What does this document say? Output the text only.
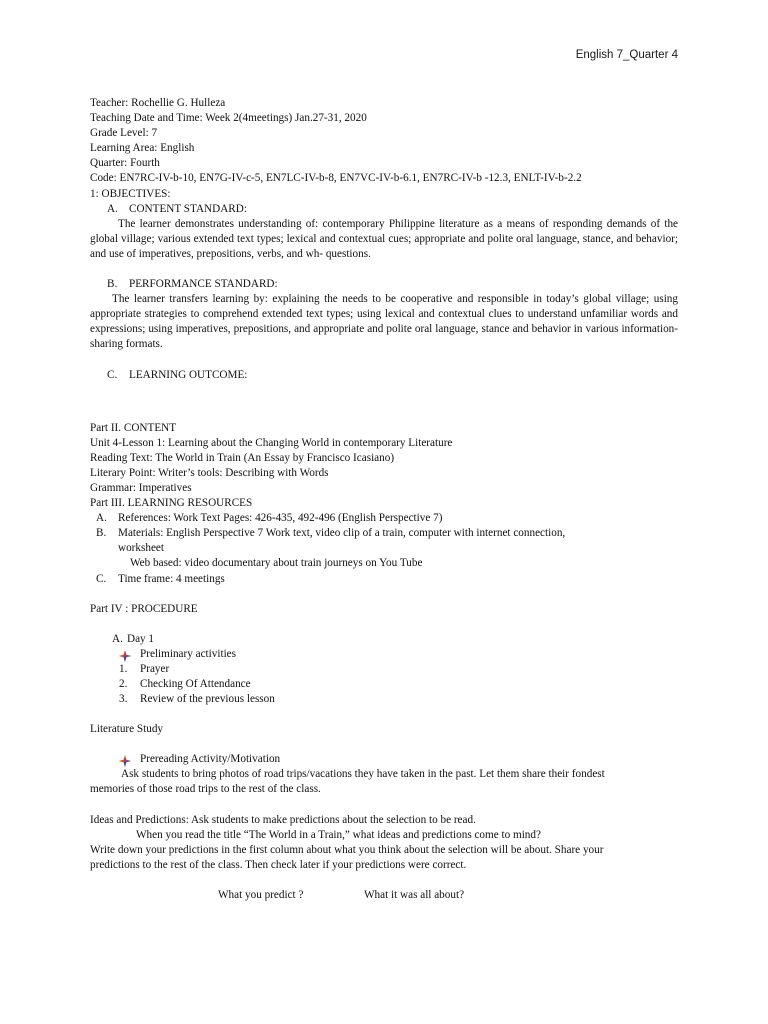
English 7_Quarter 4
Teacher: Rochellie G. Hulleza
Teaching Date and Time: Week 2(4meetings) Jan.27-31, 2020
Grade Level: 7
Learning Area: English
Quarter: Fourth
Code: EN7RC-IV-b-10, EN7G-IV-c-5, EN7LC-IV-b-8, EN7VC-IV-b-6.1, EN7RC-IV-b -12.3, ENLT-IV-b-2.2
1: OBJECTIVES:
A. CONTENT STANDARD:
The learner demonstrates understanding of: contemporary Philippine literature as a means of responding demands of the global village; various extended text types; lexical and contextual cues; appropriate and polite oral language, stance, and behavior; and use of imperatives, prepositions, verbs, and wh- questions.
B. PERFORMANCE STANDARD:
The learner transfers learning by: explaining the needs to be cooperative and responsible in today’s global village; using appropriate strategies to comprehend extended text types; using lexical and contextual clues to understand unfamiliar words and expressions; using imperatives, prepositions, and appropriate and polite oral language, stance and behavior in various information-sharing formats.
C. LEARNING OUTCOME:
Part II. CONTENT
Unit 4-Lesson 1: Learning about the Changing World in contemporary Literature
Reading Text: The World in Train (An Essay by Francisco Icasiano)
Literary Point: Writer’s tools: Describing with Words
Grammar: Imperatives
Part III. LEARNING RESOURCES
A. References: Work Text Pages: 426-435, 492-496 (English Perspective 7)
B. Materials: English Perspective 7 Work text, video clip of a train, computer with internet connection,
worksheet
Web based: video documentary about train journeys on You Tube
C. Time frame: 4 meetings
Part IV : PROCEDURE
A. Day 1
Preliminary activities
1. Prayer
2. Checking Of Attendance
3. Review of the previous lesson
Literature Study
Prereading Activity/Motivation
Ask students to bring photos of road trips/vacations they have taken in the past. Let them share their fondest
memories of those road trips to the rest of the class.
Ideas and Predictions: Ask students to make predictions about the selection to be read.
When you read the title “The World in a Train,” what ideas and predictions come to mind?
Write down your predictions in the first column about what you think about the selection will be about. Share your
predictions to the rest of the class. Then check later if your predictions were correct.
What you predict ?	What it was all about?
